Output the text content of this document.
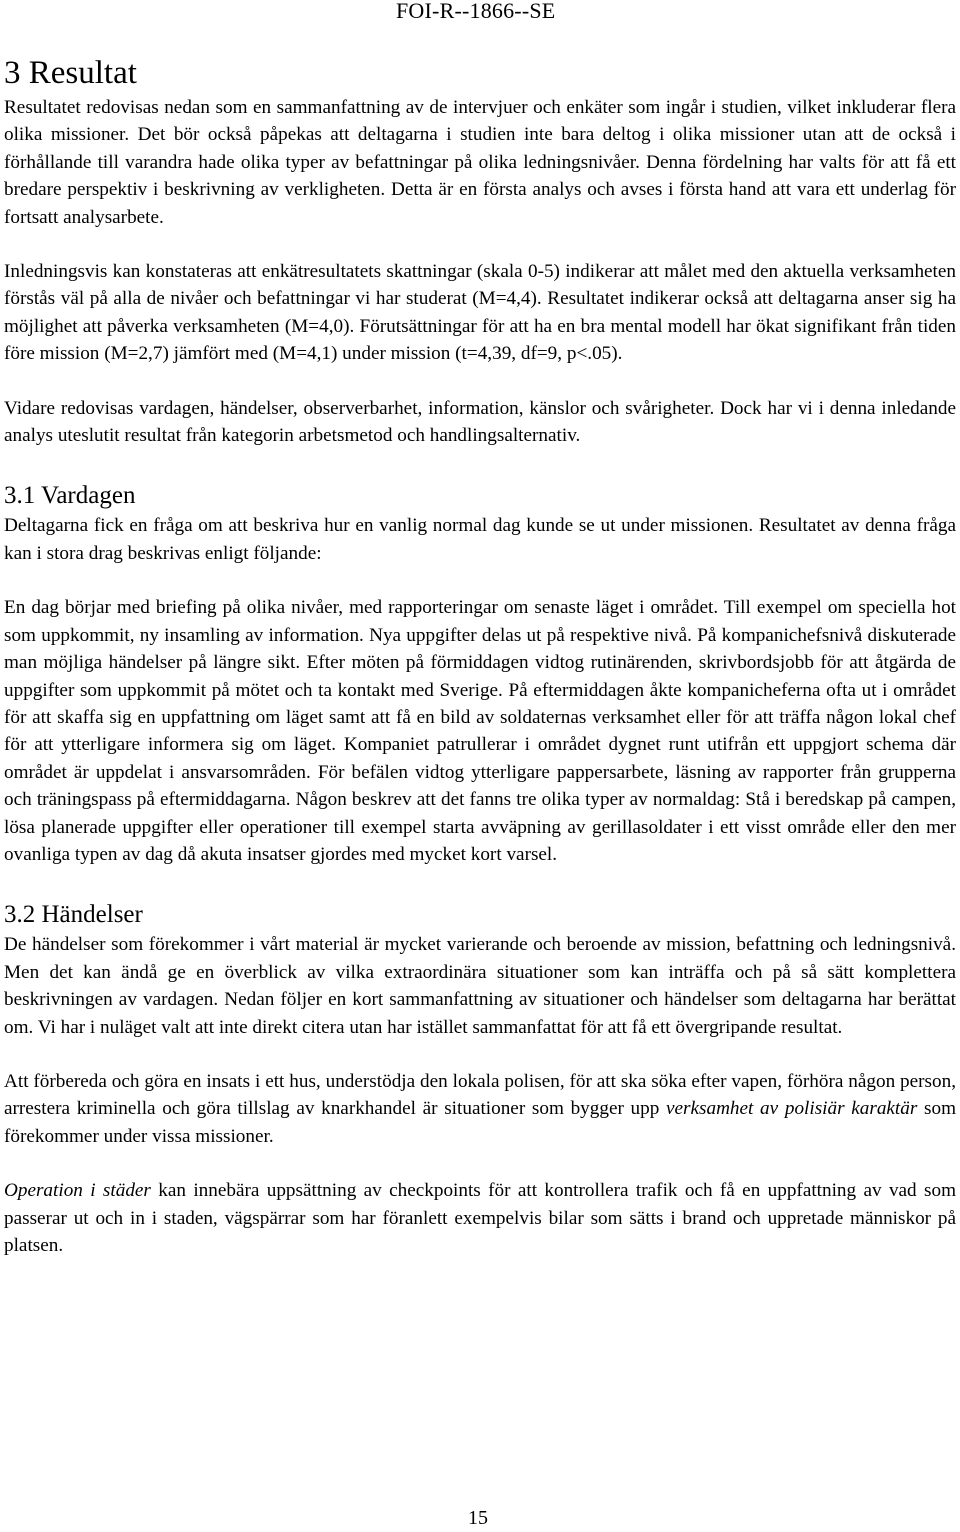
FOI-R--1866--SE
3 Resultat

Resultatet redovisas nedan som en sammanfattning av de intervjuer och enkäter som ingår i studien, vilket inkluderar flera olika missioner. Det bör också påpekas att deltagarna i studien inte bara deltog i olika missioner utan att de också i förhållande till varandra hade olika typer av befattningar på olika ledningsnivåer. Denna fördelning har valts för att få ett bredare perspektiv i beskrivning av verkligheten. Detta är en första analys och avses i första hand att vara ett underlag för fortsatt analysarbete.

Inledningsvis kan konstateras att enkätresultatets skattningar (skala 0-5) indikerar att målet med den aktuella verksamheten förstås väl på alla de nivåer och befattningar vi har studerat (M=4,4). Resultatet indikerar också att deltagarna anser sig ha möjlighet att påverka verksamheten (M=4,0). Förutsättningar för att ha en bra mental modell har ökat signifikant från tiden före mission (M=2,7) jämfört med (M=4,1) under mission (t=4,39, df=9, p<.05).

Vidare redovisas vardagen, händelser, observerbarhet, information, känslor och svårigheter. Dock har vi i denna inledande analys uteslutit resultat från kategorin arbetsmetod och handlingsalternativ.

3.1 Vardagen

Deltagarna fick en fråga om att beskriva hur en vanlig normal dag kunde se ut under missionen. Resultatet av denna fråga kan i stora drag beskrivas enligt följande:

En dag börjar med briefing på olika nivåer, med rapporteringar om senaste läget i området. Till exempel om speciella hot som uppkommit, ny insamling av information. Nya uppgifter delas ut på respektive nivå. På kompanichefsnivå diskuterade man möjliga händelser på längre sikt. Efter möten på förmiddagen vidtog rutinärenden, skrivbordsjobb för att åtgärda de uppgifter som uppkommit på mötet och ta kontakt med Sverige. På eftermiddagen åkte kompanicheferna ofta ut i området för att skaffa sig en uppfattning om läget samt att få en bild av soldaternas verksamhet eller för att träffa någon lokal chef för att ytterligare informera sig om läget. Kompaniet patrullerar i området dygnet runt utifrån ett uppgjort schema där området är uppdelat i ansvarsområden. För befälen vidtog ytterligare pappersarbete, läsning av rapporter från grupperna och träningspass på eftermiddagarna. Någon beskrev att det fanns tre olika typer av normaldag: Stå i beredskap på campen, lösa planerade uppgifter eller operationer till exempel starta avväpning av gerillasoldater i ett visst område eller den mer ovanliga typen av dag då akuta insatser gjordes med mycket kort varsel.

3.2 Händelser

De händelser som förekommer i vårt material är mycket varierande och beroende av mission, befattning och ledningsnivå. Men det kan ändå ge en överblick av vilka extraordinära situationer som kan inträffa och på så sätt komplettera beskrivningen av vardagen. Nedan följer en kort sammanfattning av situationer och händelser som deltagarna har berättat om. Vi har i nuläget valt att inte direkt citera utan har istället sammanfattat för att få ett övergripande resultat.

Att förbereda och göra en insats i ett hus, understödja den lokala polisen, för att ska söka efter vapen, förhöra någon person, arrestera kriminella och göra tillslag av knarkhandel är situationer som bygger upp verksamhet av polisiär karaktär som förekommer under vissa missioner.

Operation i städer kan innebära uppsättning av checkpoints för att kontrollera trafik och få en uppfattning av vad som passerar ut och in i staden, vägspärrar som har föranlett exempelvis bilar som sätts i brand och uppretade människor på platsen.

15
